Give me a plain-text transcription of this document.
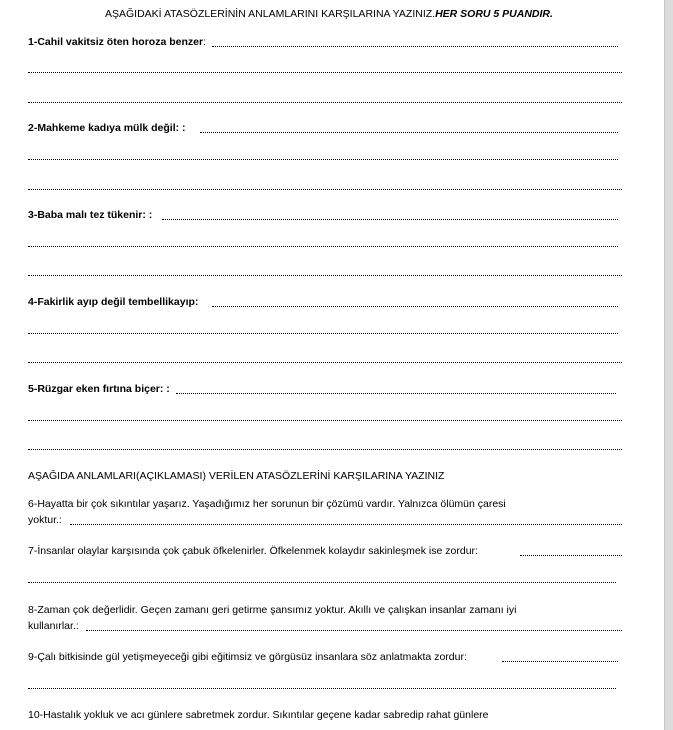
AŞAĞIDAKİ ATASÖZLERİNİN ANLAMLARINI KARŞILARINA YAZINIZ.HER SORU 5 PUANDIR.
1-Cahil vakitsiz öten horoza benzer:
2-Mahkeme kadıya mülk değil: :
3-Baba malı tez tükenir: :
4-Fakirlik ayıp değil tembellikayıp:
5-Rüzgar eken fırtına biçer: :
AŞAĞIDA ANLAMLARI(AÇIKLAMASI) VERİLEN ATASÖZLERİNİ KARŞILARINA YAZINIZ
6-Hayatta bir çok sıkıntılar yaşarız. Yaşadığımız her sorunun bir çözümü vardır. Yalnızca ölümün çaresi
yoktur.:
7-İnsanlar olaylar karşısında çok çabuk öfkelenirler. Öfkelenmek kolaydır sakinleşmek ise zordur:
8-Zaman çok değerlidir. Geçen zamanı geri getirme şansımız yoktur. Akıllı ve çalışkan insanlar zamanı iyi
kullanırlar.:
9-Çalı bitkisinde gül yetişmeyeceği gibi eğitimsiz ve görgüsüz insanlara söz anlatmakta zordur:
10-Hastalık yokluk ve acı günlere sabretmek zordur. Sıkıntılar geçene kadar sabredip rahat günlere
